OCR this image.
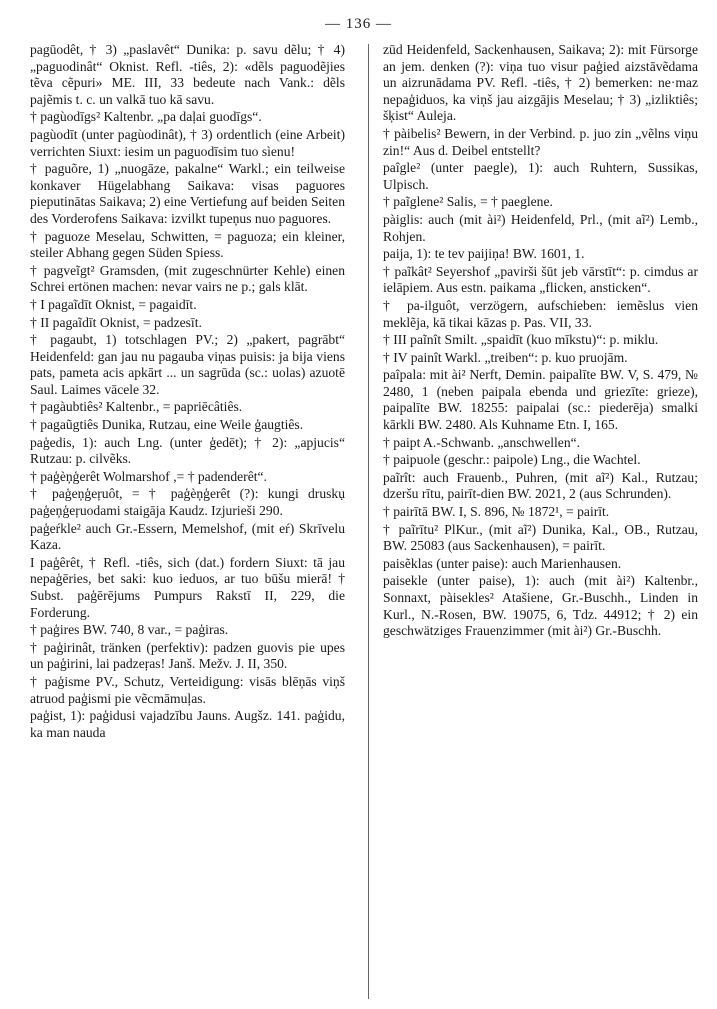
— 136 —

pagūodêt, † 3) „paslavêt“ Dunika: p. savu dẽlu; † 4) „paguodinât“ Oknist. Refl. -tiês, 2): «dẽls paguodẽjies tẽva cẽpuri» ME. III, 33 bedeute nach Vank.: dẽls pajẽmis t. c. un valkā tuo kā savu.

† pagùodīgs² Kaltenbr. „pa daļai guodīgs“.

pagùodīt (unter pagùodinât), † 3) ordentlich (eine Arbeit) verrichten Siuxt: iesim un paguodīsim tuo sìenu!

† paguõre, 1) „nuogāze, pakalne“ Warkl.; ein teilweise konkaver Hügelabhang Saikava: visas paguores pieputinātas Saikava; 2) eine Vertiefung auf beiden Seiten des Vorderofens Saikava: izvilkt tupeņus nuo paguores.

† paguoze Meselau, Schwitten, = paguoza; ein kleiner, steiler Abhang gegen Süden Spiess.

† pagveĩgt² Gramsden, (mit zugeschnürter Kehle) einen Schrei ertönen machen: nevar vairs ne p.; gals klāt.

† I pagaĩdīt Oknist, = pagaidīt.

† II pagaĩdīt Oknist, = padzesīt.

† pagaubt, 1) totschlagen PV.; 2) „pakert, pagrābt“ Heidenfeld: gan jau nu pagauba viņas puisis: ja bija viens pats, pameta acis apkārt ... un sagrūda (sc.: uolas) azuotē Saul. Laimes vācele 32.

† pagàubtiês² Kaltenbr., = papriēcâtiês.

† pagaũgtiês Dunika, Rutzau, eine Weile ģaugtiês.

paģedis, 1): auch Lng. (unter ģedēt); † 2): „apjucis“ Rutzau: p. cilvẽks.

† paģèņģerêt Wolmarshof ,= † padenderêt“.

† paģeņģeŗuôt, = † paģèņģerêt (?): kungi druskụ paģeņģeŗuodami staigāja Kaudz. Izjurieši 290.

paģeŕkle² auch Gr.-Essern, Memelshof, (mit eŕ) Skrīvelu Kaza.

I paģêrêt, † Refl. -tiês, sich (dat.) fordern Siuxt: tā jau nepaģēries, bet saki: kuo ieduos, ar tuo būšu mierā! † Subst. paģērējums Pumpurs Rakstī II, 229, die Forderung.

† paģires BW. 740, 8 var., = paģiras.

† paģirinât, tränken (perfektiv): padzen guovis pie upes un paģirini, lai padzeŗas! Janš. Mežv. J. II, 350.

† paģisme PV., Schutz, Verteidigung: visās blēņās viņš atruod paģismi pie vẽcmāmuļas.

paģist, 1): paģidusi vajadzību Jauns. Augšz. 141. paģidu, ka man nauda

zūd Heidenfeld, Sackenhausen, Saikava; 2): mit Fürsorge an jem. denken (?): viņa tuo visur paģied aizstāvẽdama un aizrunādama PV. Refl. -tiês, † 2) bemerken: ne·maz nepaģiduos, ka viņš jau aizgājis Meselau; † 3) „izliktiês; šķist“ Auleja.

† pàibelis² Bewern, in der Verbind. p. juo zin „vẽlns viņu zin!“ Aus d. Deibel entstellt?

paîgle² (unter paegle), 1): auch Ruhtern, Sussikas, Ulpisch.

† paĩglene² Salis, = † paeglene.

pàiglis: auch (mit ài²) Heidenfeld, Prl., (mit aĩ²) Lemb., Rohjen.

paija, 1): te tev paijiņa! BW. 1601, 1.

† paĩkât² Seyershof „pavirši šūt jeb vārstīt“: p. cimdus ar ielāpiem. Aus estn. paikama „flicken, ansticken“.

† pa-ilguôt, verzögern, aufschieben: iemẽslus vien meklẽja, kā tikai kāzas p. Pas. VII, 33.

† III paĩnît Smilt. „spaidīt (kuo mīkstu)“: p. miklu.

† IV painît Warkl. „treiben“: p. kuo pruojām.

paîpala: mit ài² Nerft, Demin. paipalīte BW. V, S. 479, № 2480, 1 (neben paipala ebenda und griezīte: grieze), paipalīte BW. 18255: paipalai (sc.: piederēja) smalki kārkli BW. 2480. Als Kuhname Etn. I, 165.

† paipt A.-Schwanb. „anschwellen“.

† paipuole (geschr.: paipole) Lng., die Wachtel.

paĩrît: auch Frauenb., Puhren, (mit aĩ²) Kal., Rutzau; dzeršu rītu, pairīt-dien BW. 2021, 2 (aus Schrunden).

† pairītā BW. I, S. 896, № 1872¹, = pairīt.

† paĩrītu² PlKur., (mit aĩ²) Dunika, Kal., OB., Rutzau, BW. 25083 (aus Sackenhausen), = pairīt.

paisẽklas (unter paise): auch Marienhausen.

paisekle (unter paise), 1): auch (mit ài²) Kaltenbr., Sonnaxt, pàisekles² Atašiene, Gr.-Buschh., Linden in Kurl., N.-Rosen, BW. 19075, 6, Tdz. 44912; † 2) ein geschwätziges Frauenzimmer (mit ài²) Gr.-Buschh.
